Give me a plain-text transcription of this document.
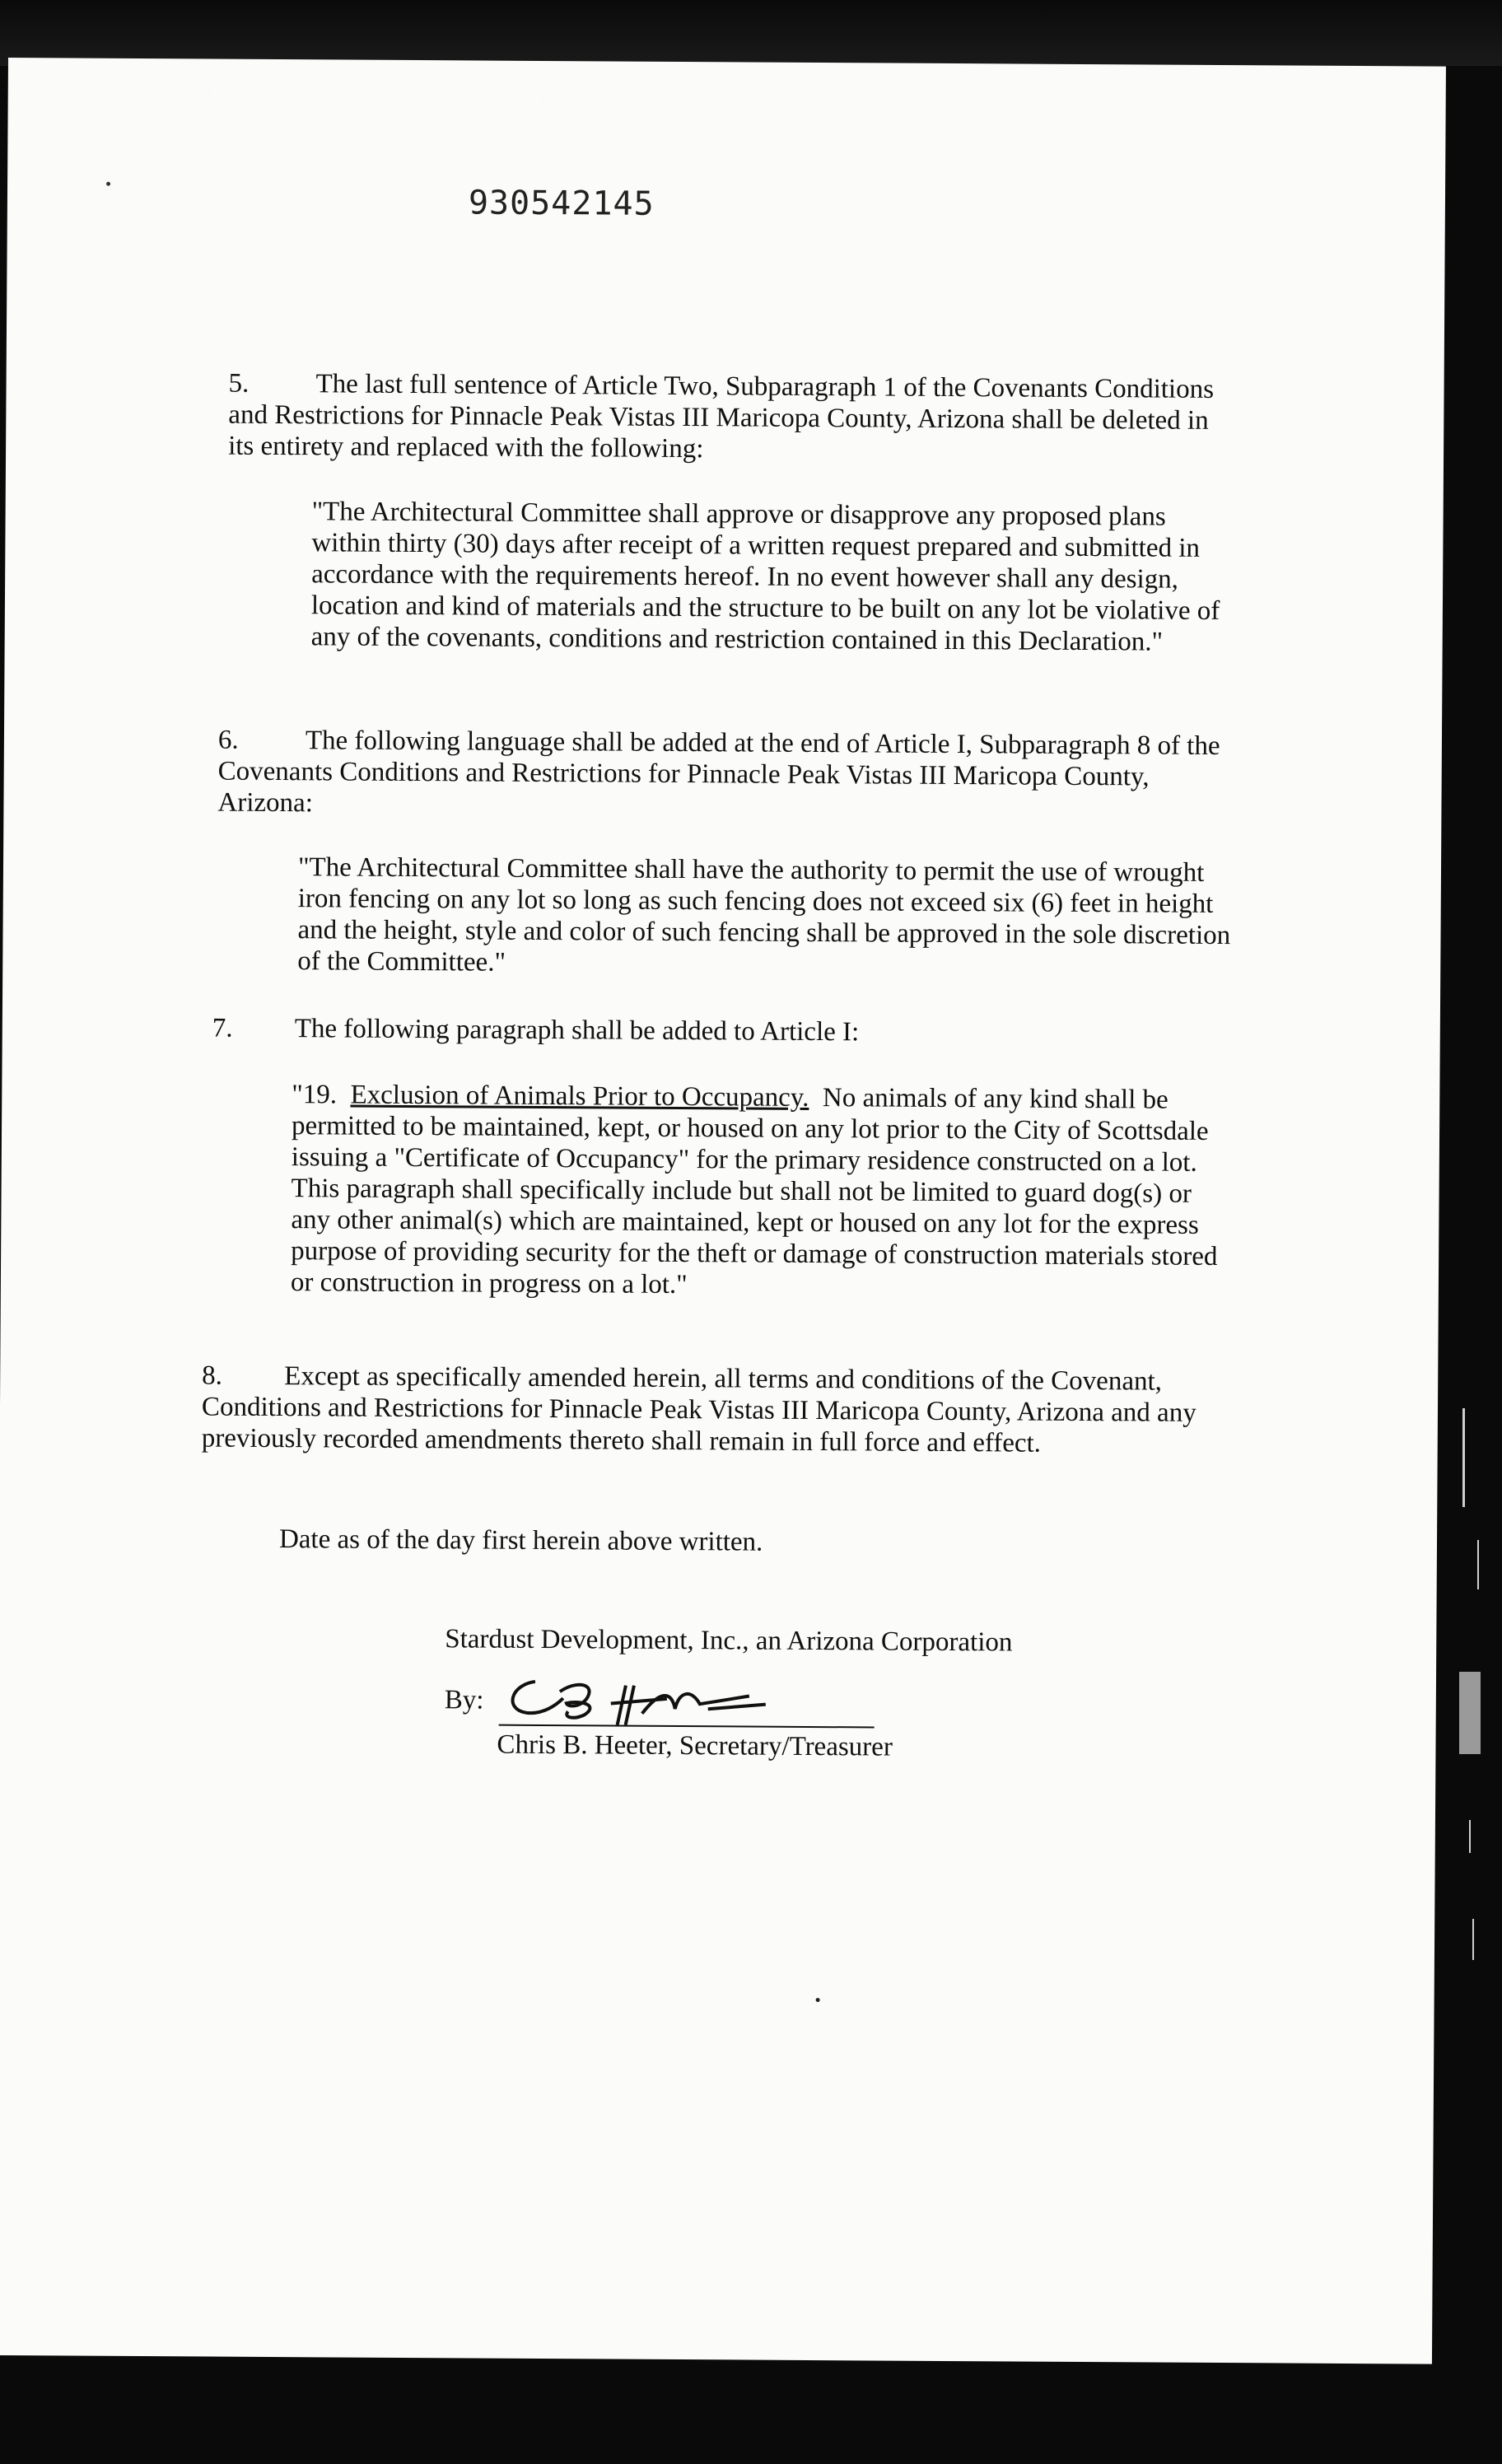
930542145
5.	The last full sentence of Article Two, Subparagraph 1 of the Covenants Conditions and Restrictions for Pinnacle Peak Vistas III Maricopa County, Arizona shall be deleted in its entirety and replaced with the following:

"The Architectural Committee shall approve or disapprove any proposed plans within thirty (30) days after receipt of a written request prepared and submitted in accordance with the requirements hereof. In no event however shall any design, location and kind of materials and the structure to be built on any lot be violative of any of the covenants, conditions and restriction contained in this Declaration."

6.	The following language shall be added at the end of Article I, Subparagraph 8 of the Covenants Conditions and Restrictions for Pinnacle Peak Vistas III Maricopa County, Arizona:

"The Architectural Committee shall have the authority to permit the use of wrought iron fencing on any lot so long as such fencing does not exceed six (6) feet in height and the height, style and color of such fencing shall be approved in the sole discretion of the Committee."

7.	The following paragraph shall be added to Article I:

"19. Exclusion of Animals Prior to Occupancy. No animals of any kind shall be permitted to be maintained, kept, or housed on any lot prior to the City of Scottsdale issuing a "Certificate of Occupancy" for the primary residence constructed on a lot. This paragraph shall specifically include but shall not be limited to guard dog(s) or any other animal(s) which are maintained, kept or housed on any lot for the express purpose of providing security for the theft or damage of construction materials stored or construction in progress on a lot."

8.	Except as specifically amended herein, all terms and conditions of the Covenant, Conditions and Restrictions for Pinnacle Peak Vistas III Maricopa County, Arizona and any previously recorded amendments thereto shall remain in full force and effect.

Date as of the day first herein above written.
Stardust Development, Inc., an Arizona Corporation
By:
Chris B. Heeter, Secretary/Treasurer
